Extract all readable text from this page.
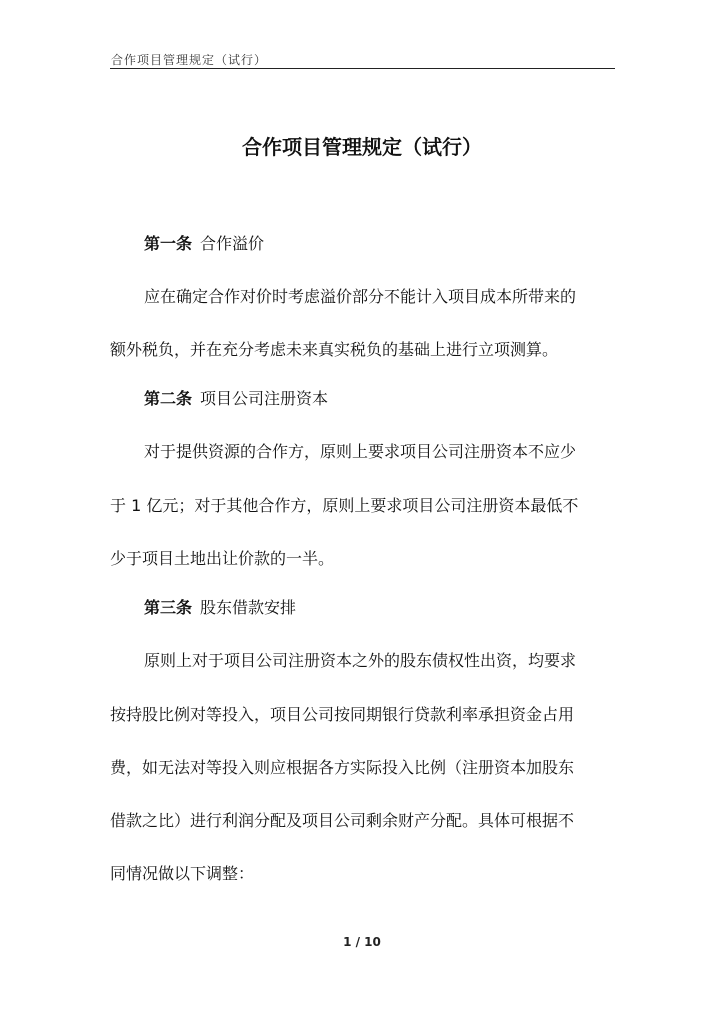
合作项目管理规定（试行）
合作项目管理规定（试行）
第一条 合作溢价
应在确定合作对价时考虑溢价部分不能计入项目成本所带来的
额外税负，并在充分考虑未来真实税负的基础上进行立项测算。
第二条 项目公司注册资本
对于提供资源的合作方，原则上要求项目公司注册资本不应少
于 1 亿元；对于其他合作方，原则上要求项目公司注册资本最低不
少于项目土地出让价款的一半。
第三条 股东借款安排
原则上对于项目公司注册资本之外的股东债权性出资，均要求
按持股比例对等投入，项目公司按同期银行贷款利率承担资金占用
费，如无法对等投入则应根据各方实际投入比例（注册资本加股东
借款之比）进行利润分配及项目公司剩余财产分配。具体可根据不
同情况做以下调整：
1 / 10
